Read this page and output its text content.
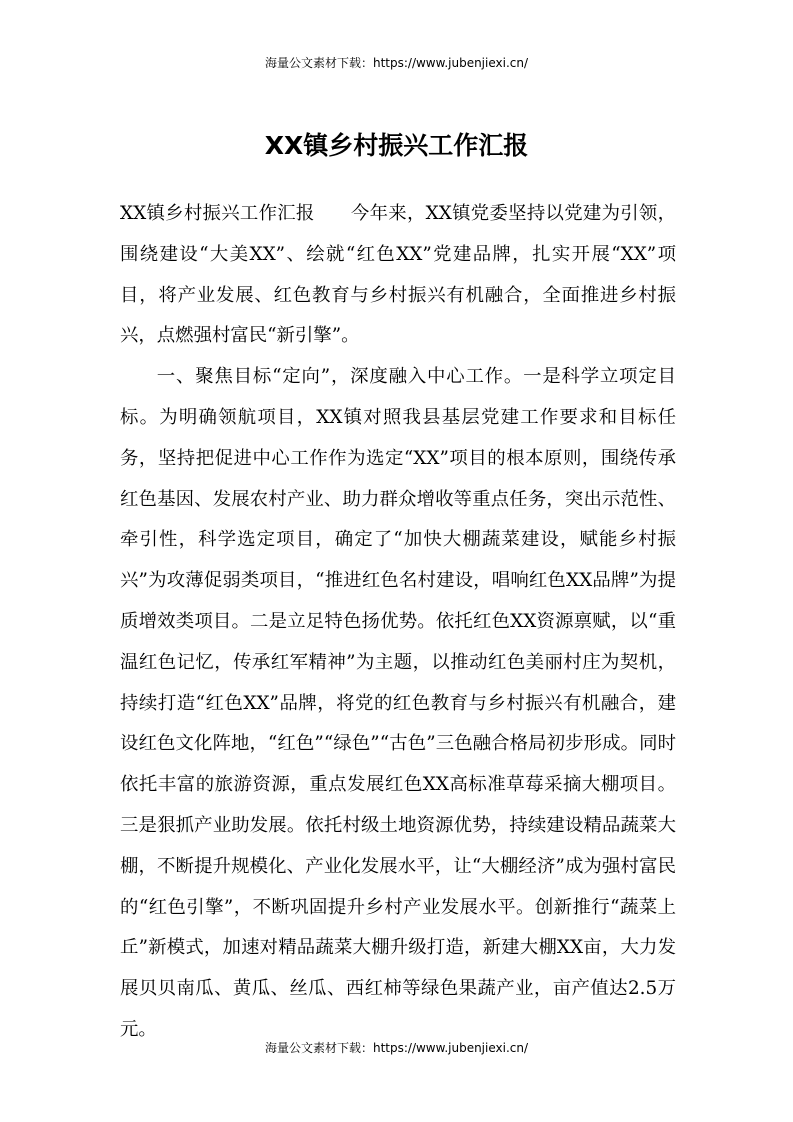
海量公文素材下载：https://www.jubenjiexi.cn/
XX镇乡村振兴工作汇报

XX镇乡村振兴工作汇报 今年来，XX镇党委坚持以党建为引领，围绕建设“大美XX”、绘就“红色XX”党建品牌，扎实开展“XX”项目，将产业发展、红色教育与乡村振兴有机融合，全面推进乡村振兴，点燃强村富民“新引擎”。

一、聚焦目标“定向”，深度融入中心工作。一是科学立项定目标。为明确领航项目，XX镇对照我县基层党建工作要求和目标任务，坚持把促进中心工作作为选定“XX”项目的根本原则，围绕传承红色基因、发展农村产业、助力群众增收等重点任务，突出示范性、牵引性，科学选定项目，确定了“加快大棚蔬菜建设，赋能乡村振兴”为攻薄促弱类项目，“推进红色名村建设，唱响红色XX品牌”为提质增效类项目。二是立足特色扬优势。依托红色XX资源禀赋，以“重温红色记忆，传承红军精神”为主题，以推动红色美丽村庄为契机，持续打造“红色XX”品牌，将党的红色教育与乡村振兴有机融合，建设红色文化阵地，“红色”“绿色”“古色”三色融合格局初步形成。同时依托丰富的旅游资源，重点发展红色XX高标准草莓采摘大棚项目。三是狠抓产业助发展。依托村级土地资源优势，持续建设精品蔬菜大棚，不断提升规模化、产业化发展水平，让“大棚经济”成为强村富民的“红色引擎”，不断巩固提升乡村产业发展水平。创新推行“蔬菜上丘”新模式，加速对精品蔬菜大棚升级打造，新建大棚XX亩，大力发展贝贝南瓜、黄瓜、丝瓜、西红柿等绿色果蔬产业，亩产值达2.5万元。

海量公文素材下载：https://www.jubenjiexi.cn/
